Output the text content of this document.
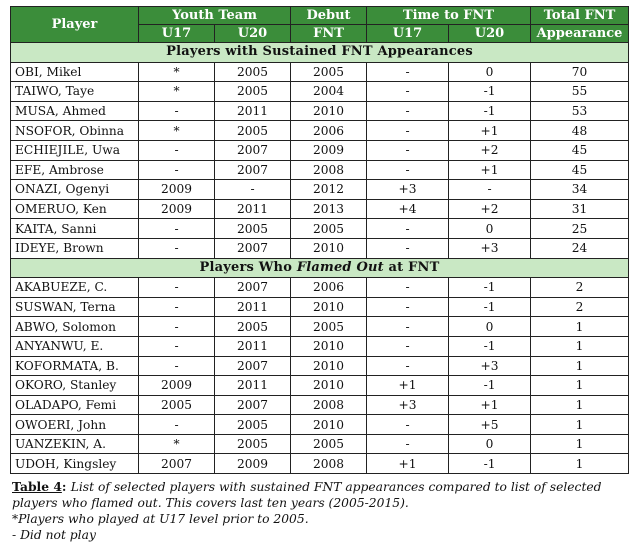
Player	Youth Team		Debut	Time to FNT		Total FNT
	U17	U20	FNT	U17	U20	Appearance
Players with Sustained FNT Appearances						
OBI, Mikel	*	2005	2005	-	0	70
TAIWO, Taye	*	2005	2004	-	-1	55
MUSA, Ahmed	-	2011	2010	-	-1	53
NSOFOR, Obinna	*	2005	2006	-	+1	48
ECHIEJILE, Uwa	-	2007	2009	-	+2	45
EFE, Ambrose	-	2007	2008	-	+1	45
ONAZI, Ogenyi	2009	-	2012	+3	-	34
OMERUO, Ken	2009	2011	2013	+4	+2	31
KAITA, Sanni	-	2005	2005	-	0	25
IDEYE, Brown	-	2007	2010	-	+3	24
Players Who Flamed Out at FNT						
AKABUEZE, C.	-	2007	2006	-	-1	2
SUSWAN, Terna	-	2011	2010	-	-1	2
ABWO, Solomon	-	2005	2005	-	0	1
ANYANWU, E.	-	2011	2010	-	-1	1
KOFORMATA, B.	-	2007	2010	-	+3	1
OKORO, Stanley	2009	2011	2010	+1	-1	1
OLADAPO, Femi	2005	2007	2008	+3	+1	1
OWOERI, John	-	2005	2010	-	+5	1
UANZEKIN, A.	*	2005	2005	-	0	1
UDOH, Kingsley	2007	2009	2008	+1	-1	1
Table 4: List of selected players with sustained FNT appearances compared to list of selected
players who flamed out. This covers last ten years (2005-2015).
*Players who played at U17 level prior to 2005.
- Did not play
